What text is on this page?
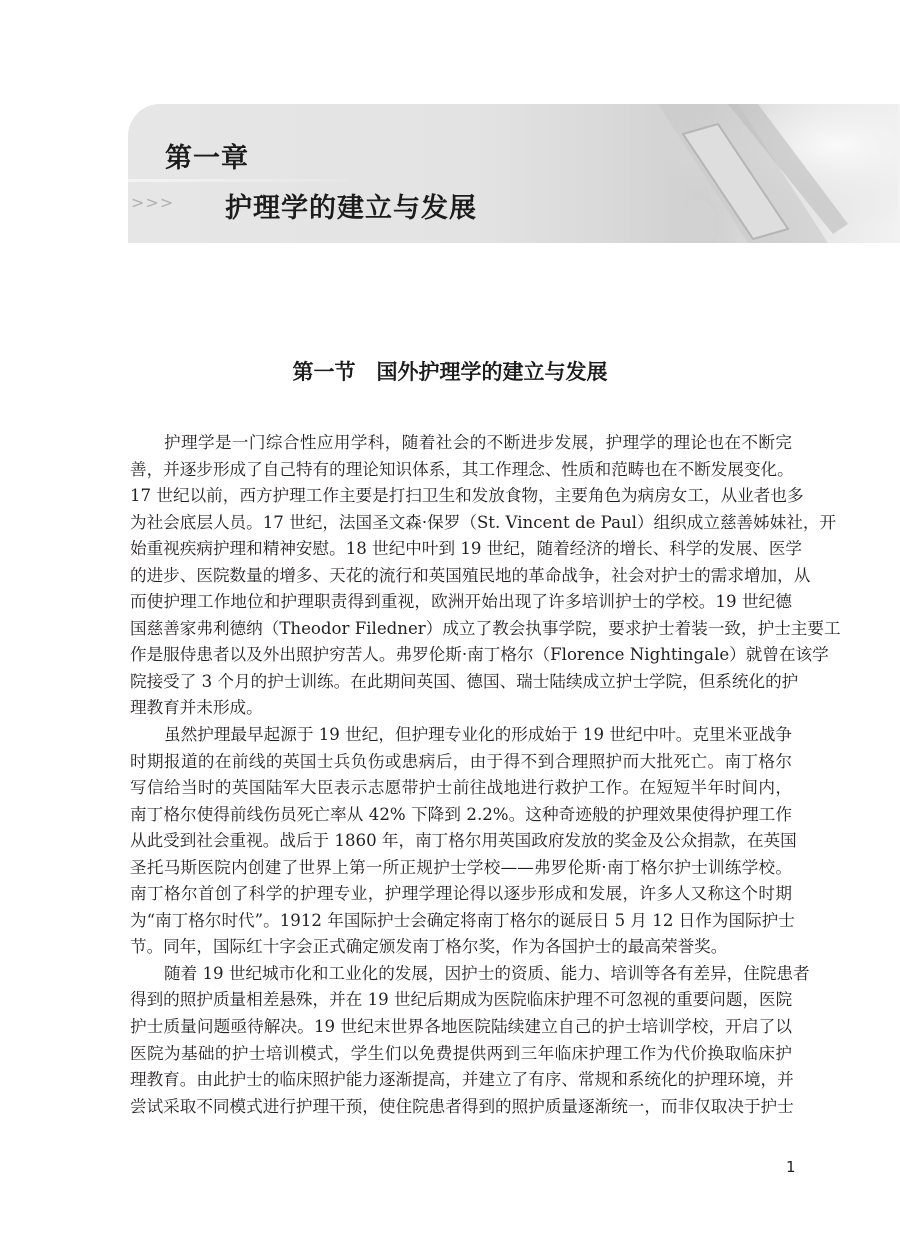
第一章
>>> 护理学的建立与发展
第一节　国外护理学的建立与发展
护理学是一门综合性应用学科，随着社会的不断进步发展，护理学的理论也在不断完
善，并逐步形成了自己特有的理论知识体系，其工作理念、性质和范畴也在不断发展变化。
17 世纪以前，西方护理工作主要是打扫卫生和发放食物，主要角色为病房女工，从业者也多
为社会底层人员。17 世纪，法国圣文森·保罗（St. Vincent de Paul）组织成立慈善姊妹社，开
始重视疾病护理和精神安慰。18 世纪中叶到 19 世纪，随着经济的增长、科学的发展、医学
的进步、医院数量的增多、天花的流行和英国殖民地的革命战争，社会对护士的需求增加，从
而使护理工作地位和护理职责得到重视，欧洲开始出现了许多培训护士的学校。19 世纪德
国慈善家弗利德纳（Theodor Filedner）成立了教会执事学院，要求护士着装一致，护士主要工
作是服侍患者以及外出照护穷苦人。弗罗伦斯·南丁格尔（Florence Nightingale）就曾在该学
院接受了 3 个月的护士训练。在此期间英国、德国、瑞士陆续成立护士学院，但系统化的护
理教育并未形成。
虽然护理最早起源于 19 世纪，但护理专业化的形成始于 19 世纪中叶。克里米亚战争
时期报道的在前线的英国士兵负伤或患病后，由于得不到合理照护而大批死亡。南丁格尔
写信给当时的英国陆军大臣表示志愿带护士前往战地进行救护工作。在短短半年时间内，
南丁格尔使得前线伤员死亡率从 42% 下降到 2.2%。这种奇迹般的护理效果使得护理工作
从此受到社会重视。战后于 1860 年，南丁格尔用英国政府发放的奖金及公众捐款，在英国
圣托马斯医院内创建了世界上第一所正规护士学校——弗罗伦斯·南丁格尔护士训练学校。
南丁格尔首创了科学的护理专业，护理学理论得以逐步形成和发展，许多人又称这个时期
为“南丁格尔时代”。1912 年国际护士会确定将南丁格尔的诞辰日 5 月 12 日作为国际护士
节。同年，国际红十字会正式确定颁发南丁格尔奖，作为各国护士的最高荣誉奖。
随着 19 世纪城市化和工业化的发展，因护士的资质、能力、培训等各有差异，住院患者
得到的照护质量相差悬殊，并在 19 世纪后期成为医院临床护理不可忽视的重要问题，医院
护士质量问题亟待解决。19 世纪末世界各地医院陆续建立自己的护士培训学校，开启了以
医院为基础的护士培训模式，学生们以免费提供两到三年临床护理工作为代价换取临床护
理教育。由此护士的临床照护能力逐渐提高，并建立了有序、常规和系统化的护理环境，并
尝试采取不同模式进行护理干预，使住院患者得到的照护质量逐渐统一，而非仅取决于护士
1
